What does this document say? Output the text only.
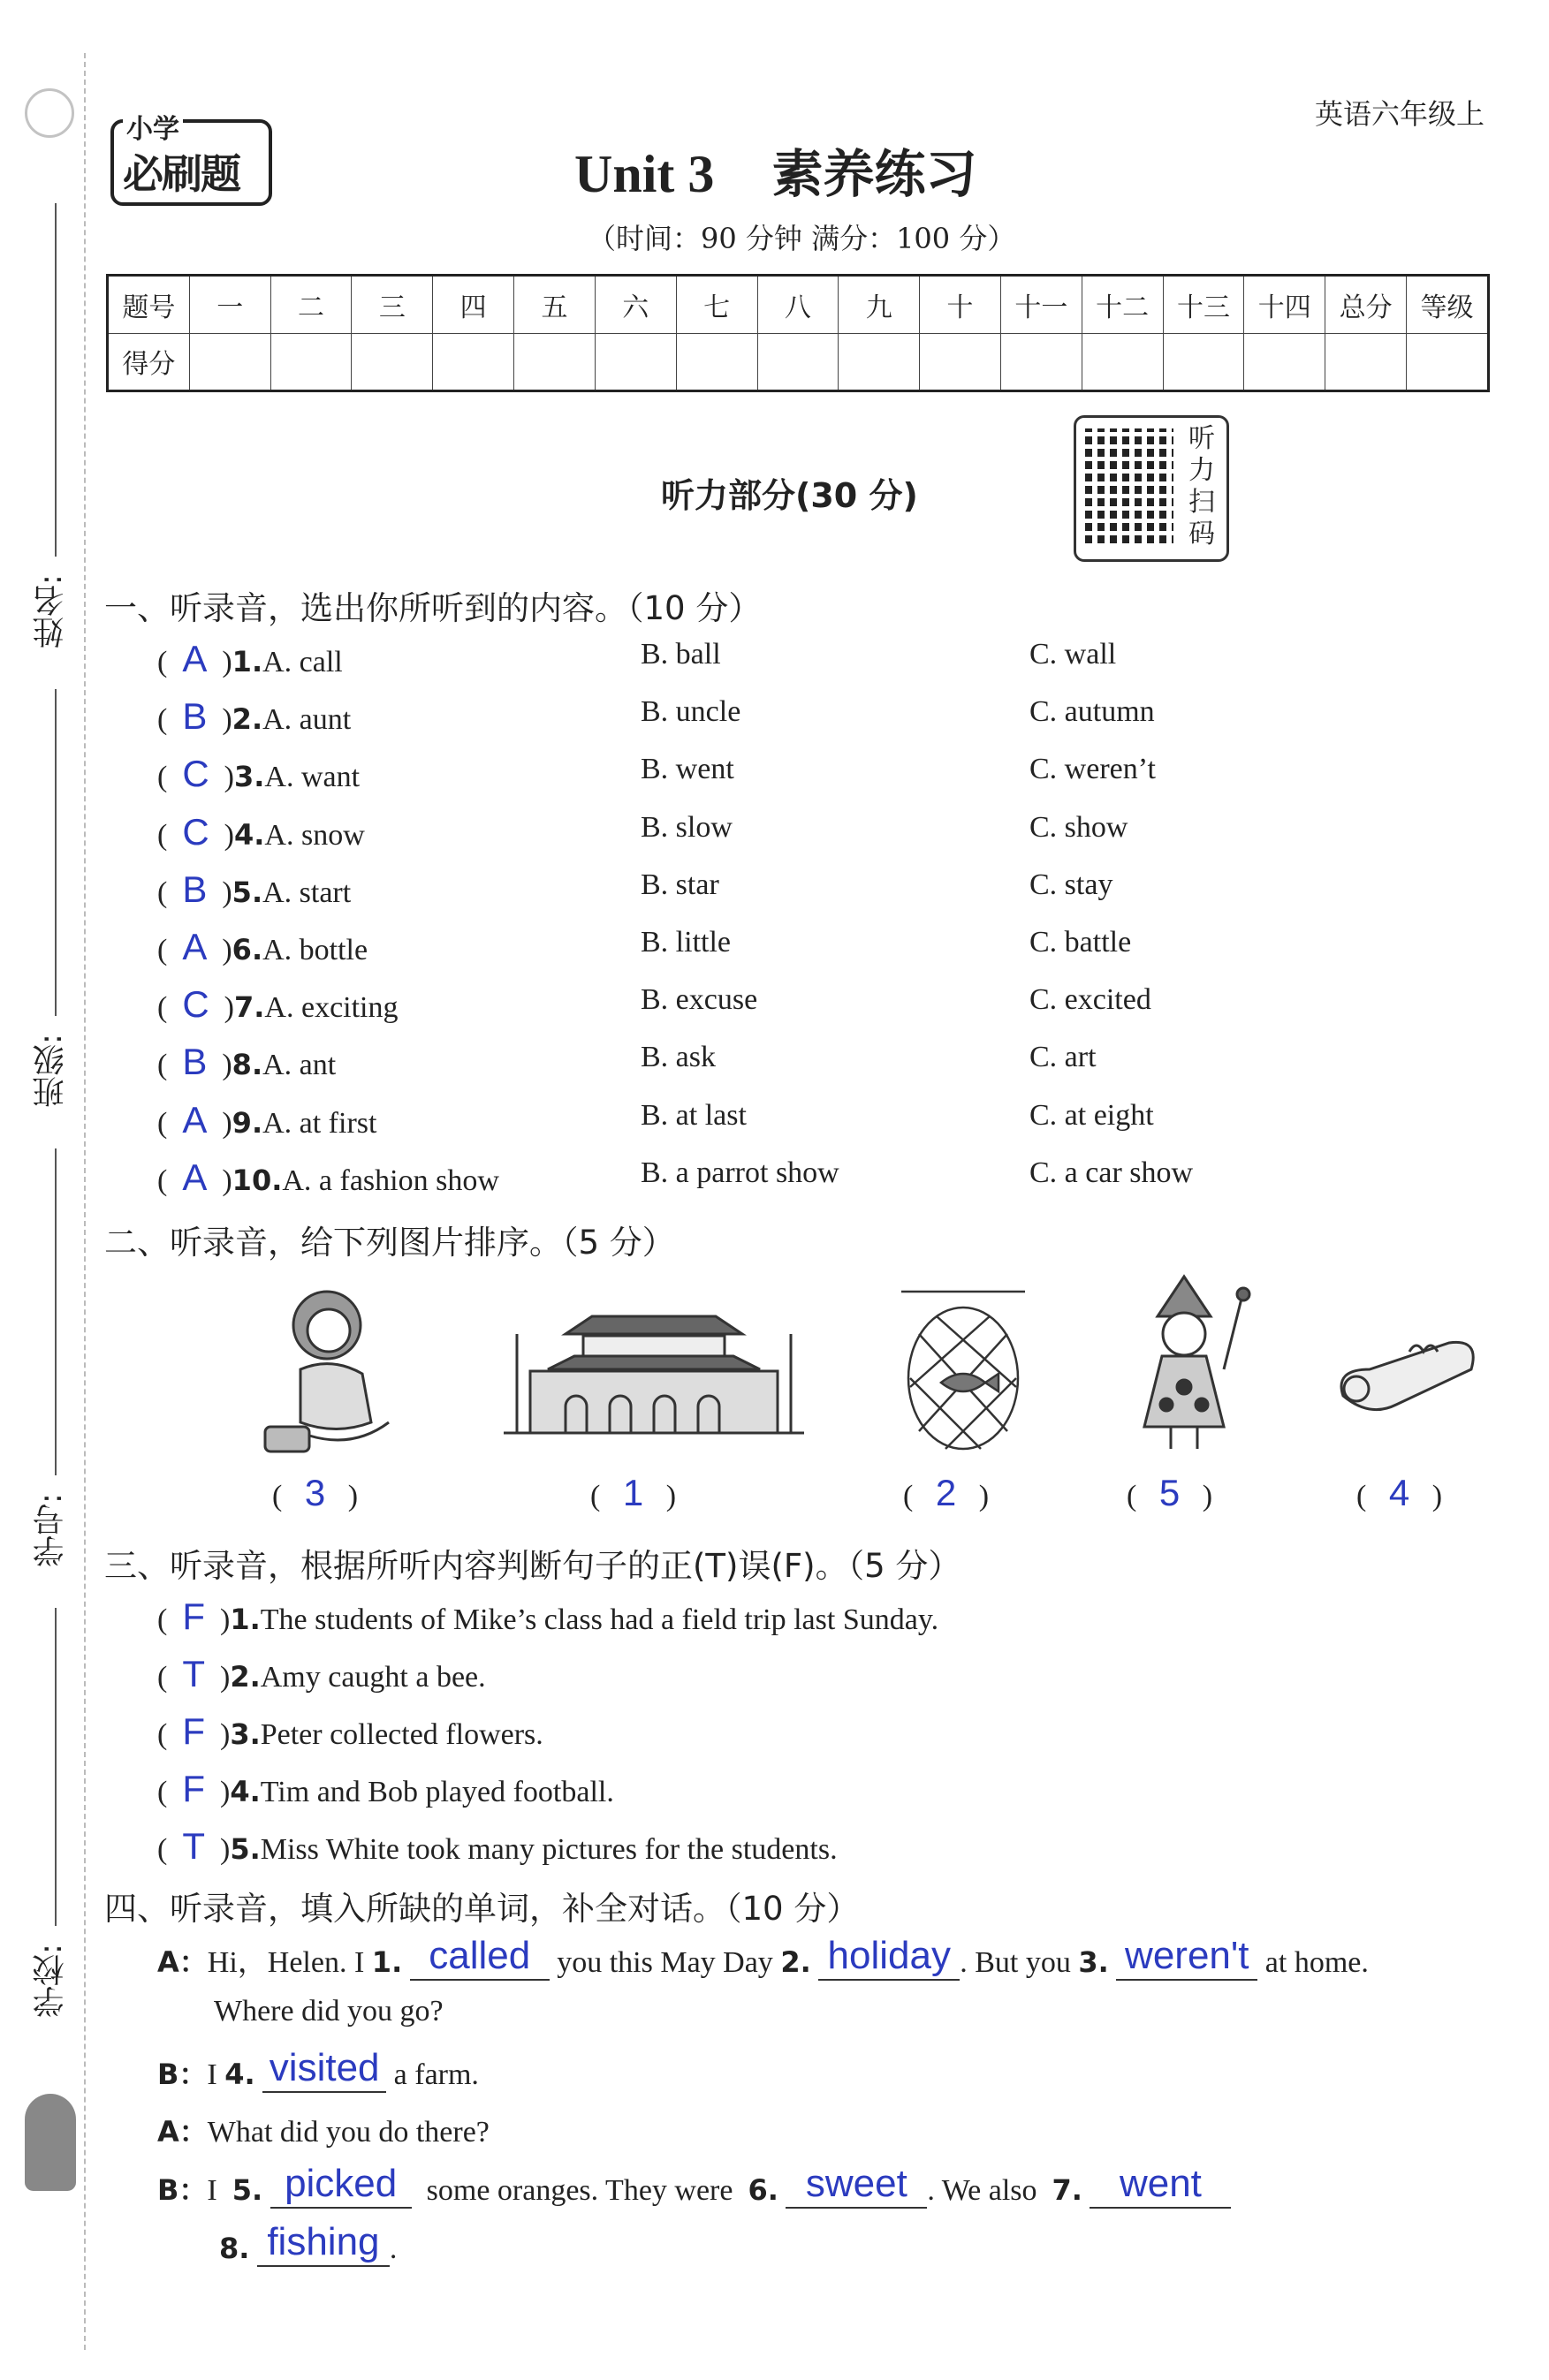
姓名:
班级:
学号:
学校:
小学
必刷题
英语六年级上
Unit 3 素养练习
（时间：90 分钟 满分：100 分）
题号	一	二	三	四	五	六	七	八	九	十	十一	十二	十三	十四	总分	等级
得分																
听力部分(30 分)
听
力
扫
码
一、听录音，选出你所听到的内容。（10 分）
(  A  )1.A. call	B. ball	C. wall
(  B  )2.A. aunt	B. uncle	C. autumn
(  C  )3.A. want	B. went	C. weren’t
(  C  )4.A. snow	B. slow	C. show
(  B  )5.A. start	B. star	C. stay
(  A  )6.A. bottle	B. little	C. battle
(  C  )7.A. exciting	B. excuse	C. excited
(  B  )8.A. ant	B. ask	C. art
(  A  )9.A. at first	B. at last	C. at eight
(  A  )10.A. a fashion show	B. a parrot show	C. a car show
二、听录音，给下列图片排序。（5 分）
(   3   )	(   1   )	(   2   )	(   5   )	(   4   )
三、听录音，根据所听内容判断句子的正(T)误(F)。（5 分）
(  F  )1.The students of Mike’s class had a field trip last Sunday.
(  T  )2.Amy caught a bee.
(  F  )3.Peter collected flowers.
(  F  )4.Tim and Bob played football.
(  T  )5.Miss White took many pictures for the students.
四、听录音，填入所缺的单词，补全对话。（10 分）
A：Hi，Helen. I 1. called you this May Day 2. holiday . But you 3. weren't at home.
Where did you go?
B：I 4. visited a farm.
A：What did you do there?
B：I 5. picked some oranges. They were 6. sweet . We also 7. went
8. fishing .
